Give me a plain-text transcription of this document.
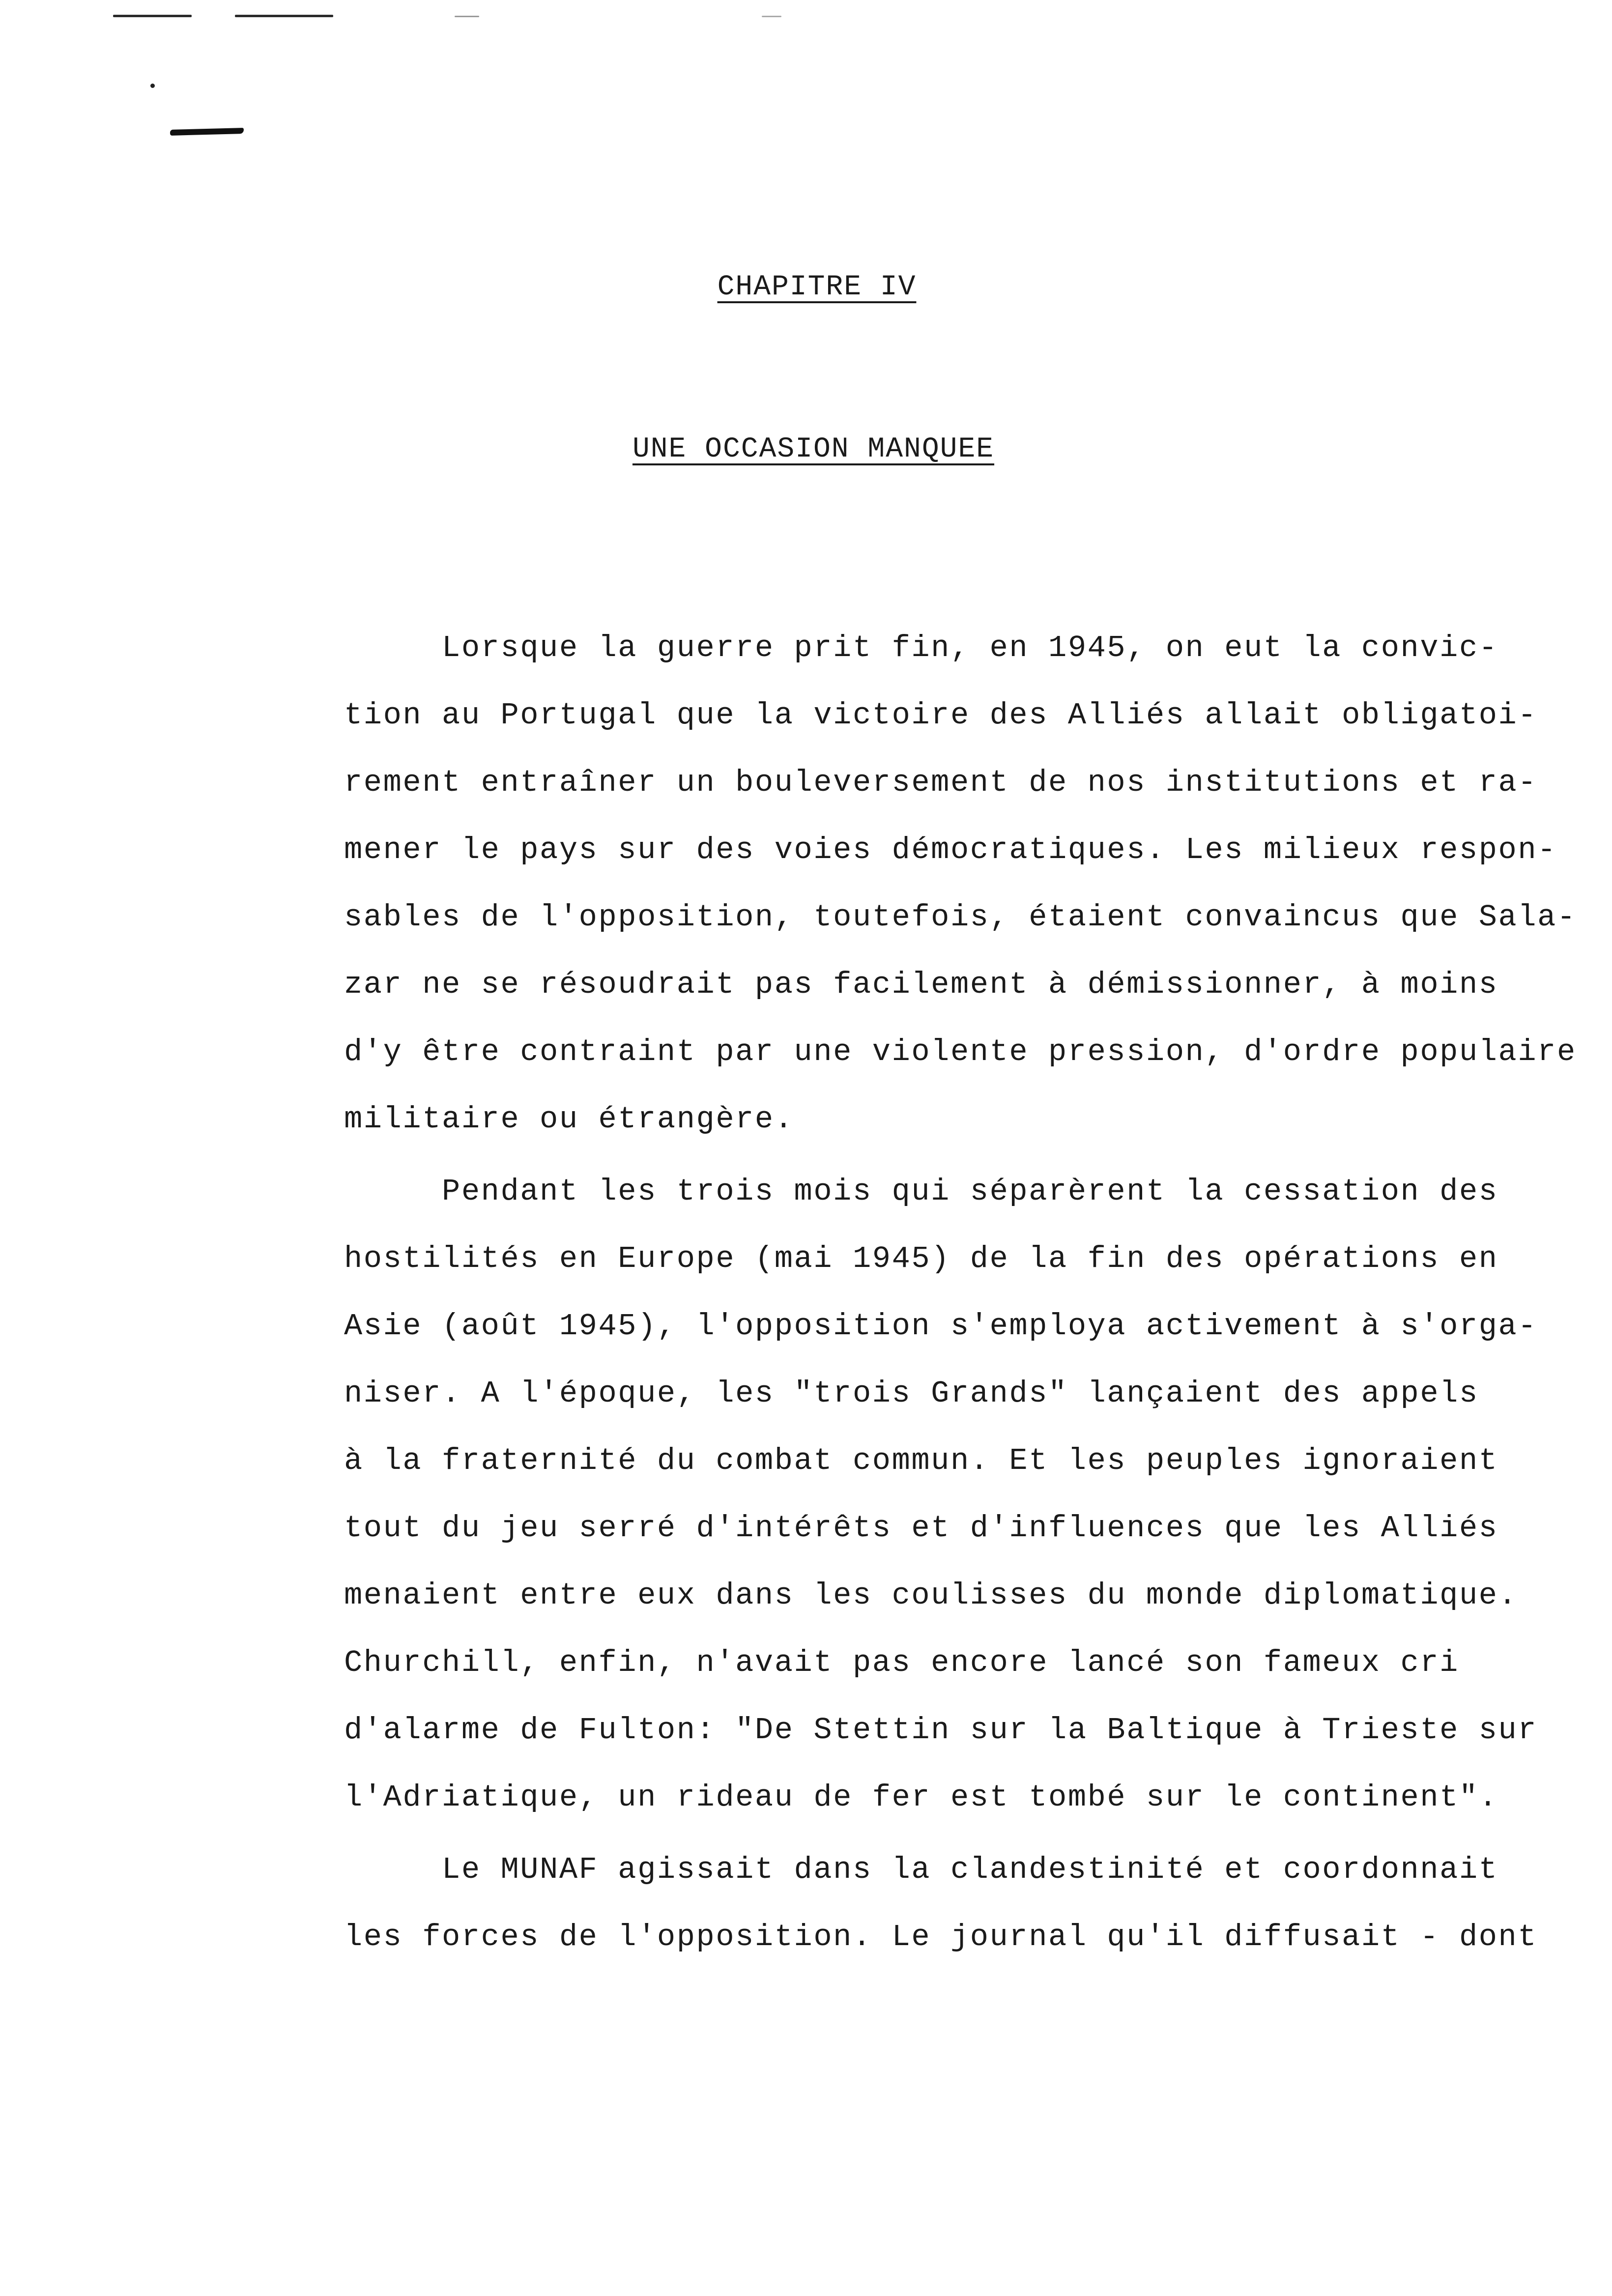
CHAPITRE IV
UNE OCCASION MANQUEE
Lorsque la guerre prit fin, en 1945, on eut la convic-
tion au Portugal que la victoire des Alliés allait obligatoi-
rement entraîner un bouleversement de nos institutions et ra-
mener le pays sur des voies démocratiques. Les milieux respon-
sables de l'opposition, toutefois, étaient convaincus que Sala-
zar ne se résoudrait pas facilement à démissionner, à moins
d'y être contraint par une violente pression, d'ordre populaire
militaire ou étrangère.
Pendant les trois mois qui séparèrent la cessation des
hostilités en Europe (mai 1945) de la fin des opérations en
Asie (août 1945), l'opposition s'employa activement à s'orga-
niser. A l'époque, les "trois Grands" lançaient des appels
à la fraternité du combat commun. Et les peuples ignoraient
tout du jeu serré d'intérêts et d'influences que les Alliés
menaient entre eux dans les coulisses du monde diplomatique.
Churchill, enfin, n'avait pas encore lancé son fameux cri
d'alarme de Fulton: "De Stettin sur la Baltique à Trieste sur
l'Adriatique, un rideau de fer est tombé sur le continent".
Le MUNAF agissait dans la clandestinité et coordonnait
les forces de l'opposition. Le journal qu'il diffusait - dont
